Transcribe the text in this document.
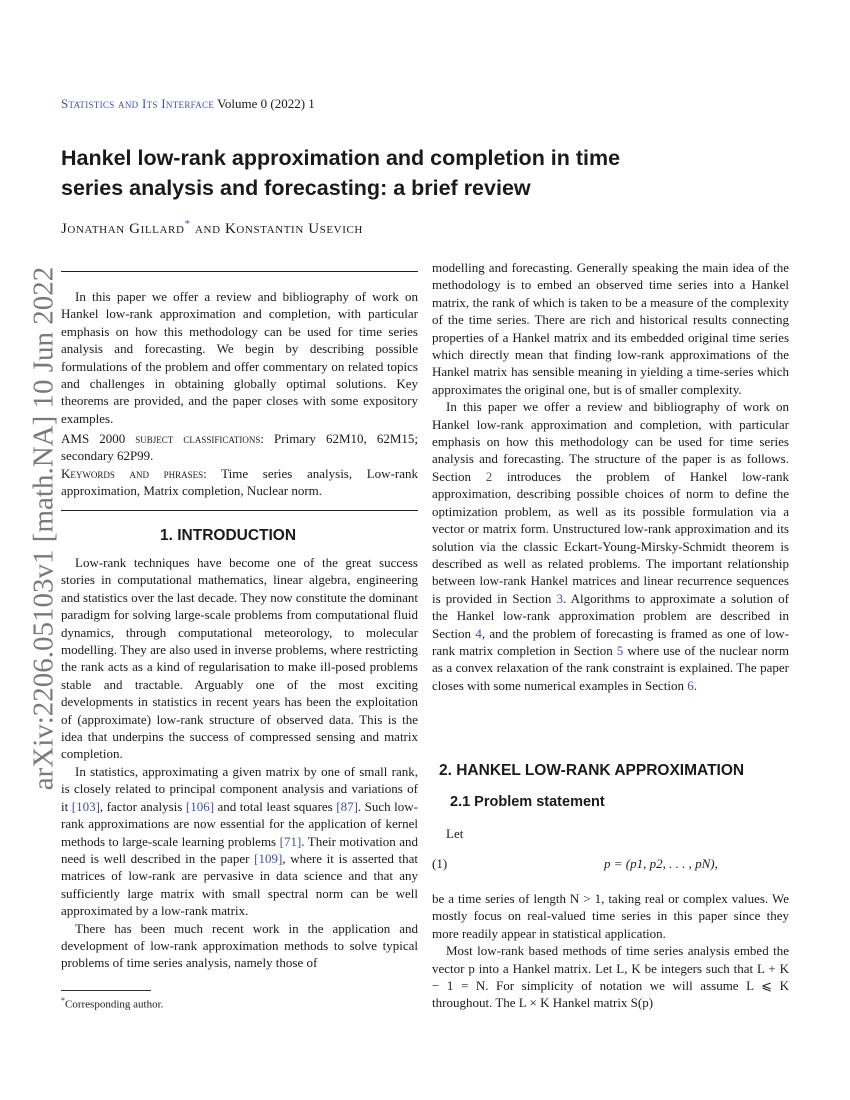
arXiv:2206.05103v1 [math.NA] 10 Jun 2022
Statistics and Its Interface Volume 0 (2022) 1
Hankel low-rank approximation and completion in time series analysis and forecasting: a brief review
Jonathan Gillard* and Konstantin Usevich

In this paper we offer a review and bibliography of work on Hankel low-rank approximation and completion, with particular emphasis on how this methodology can be used for time series analysis and forecasting. We begin by describing possible formulations of the problem and offer commentary on related topics and challenges in obtaining globally optimal solutions. Key theorems are provided, and the paper closes with some expository examples.

AMS 2000 subject classifications: Primary 62M10, 62M15; secondary 62P99.

Keywords and phrases: Time series analysis, Low-rank approximation, Matrix completion, Nuclear norm.

1. INTRODUCTION

Low-rank techniques have become one of the great success stories in computational mathematics, linear algebra, engineering and statistics over the last decade. They now constitute the dominant paradigm for solving large-scale problems from computational fluid dynamics, through computational meteorology, to molecular modelling. They are also used in inverse problems, where restricting the rank acts as a kind of regularisation to make ill-posed problems stable and tractable. Arguably one of the most exciting developments in statistics in recent years has been the exploitation of (approximate) low-rank structure of observed data. This is the idea that underpins the success of compressed sensing and matrix completion.

In statistics, approximating a given matrix by one of small rank, is closely related to principal component analysis and variations of it [103], factor analysis [106] and total least squares [87]. Such low-rank approximations are now essential for the application of kernel methods to large-scale learning problems [71]. Their motivation and need is well described in the paper [109], where it is asserted that matrices of low-rank are pervasive in data science and that any sufficiently large matrix with small spectral norm can be well approximated by a low-rank matrix.

There has been much recent work in the application and development of low-rank approximation methods to solve typical problems of time series analysis, namely those of

modelling and forecasting. Generally speaking the main idea of the methodology is to embed an observed time series into a Hankel matrix, the rank of which is taken to be a measure of the complexity of the time series. There are rich and historical results connecting properties of a Hankel matrix and its embedded original time series which directly mean that finding low-rank approximations of the Hankel matrix has sensible meaning in yielding a time-series which approximates the original one, but is of smaller complexity.

In this paper we offer a review and bibliography of work on Hankel low-rank approximation and completion, with particular emphasis on how this methodology can be used for time series analysis and forecasting. The structure of the paper is as follows. Section 2 introduces the problem of Hankel low-rank approximation, describing possible choices of norm to define the optimization problem, as well as its possible formulation via a vector or matrix form. Unstructured low-rank approximation and its solution via the classic Eckart-Young-Mirsky-Schmidt theorem is described as well as related problems. The important relationship between low-rank Hankel matrices and linear recurrence sequences is provided in Section 3. Algorithms to approximate a solution of the Hankel low-rank approximation problem are described in Section 4, and the problem of forecasting is framed as one of low-rank matrix completion in Section 5 where use of the nuclear norm as a convex relaxation of the rank constraint is explained. The paper closes with some numerical examples in Section 6.

2. HANKEL LOW-RANK APPROXIMATION
2.1 Problem statement

Let

(1)	p = (p1, p2, . . . , pN),

be a time series of length N > 1, taking real or complex values. We mostly focus on real-valued time series in this paper since they more readily appear in statistical application.

Most low-rank based methods of time series analysis embed the vector p into a Hankel matrix. Let L, K be integers such that L + K − 1 = N. For simplicity of notation we will assume L ⩽ K throughout. The L × K Hankel matrix S(p)

*Corresponding author.
